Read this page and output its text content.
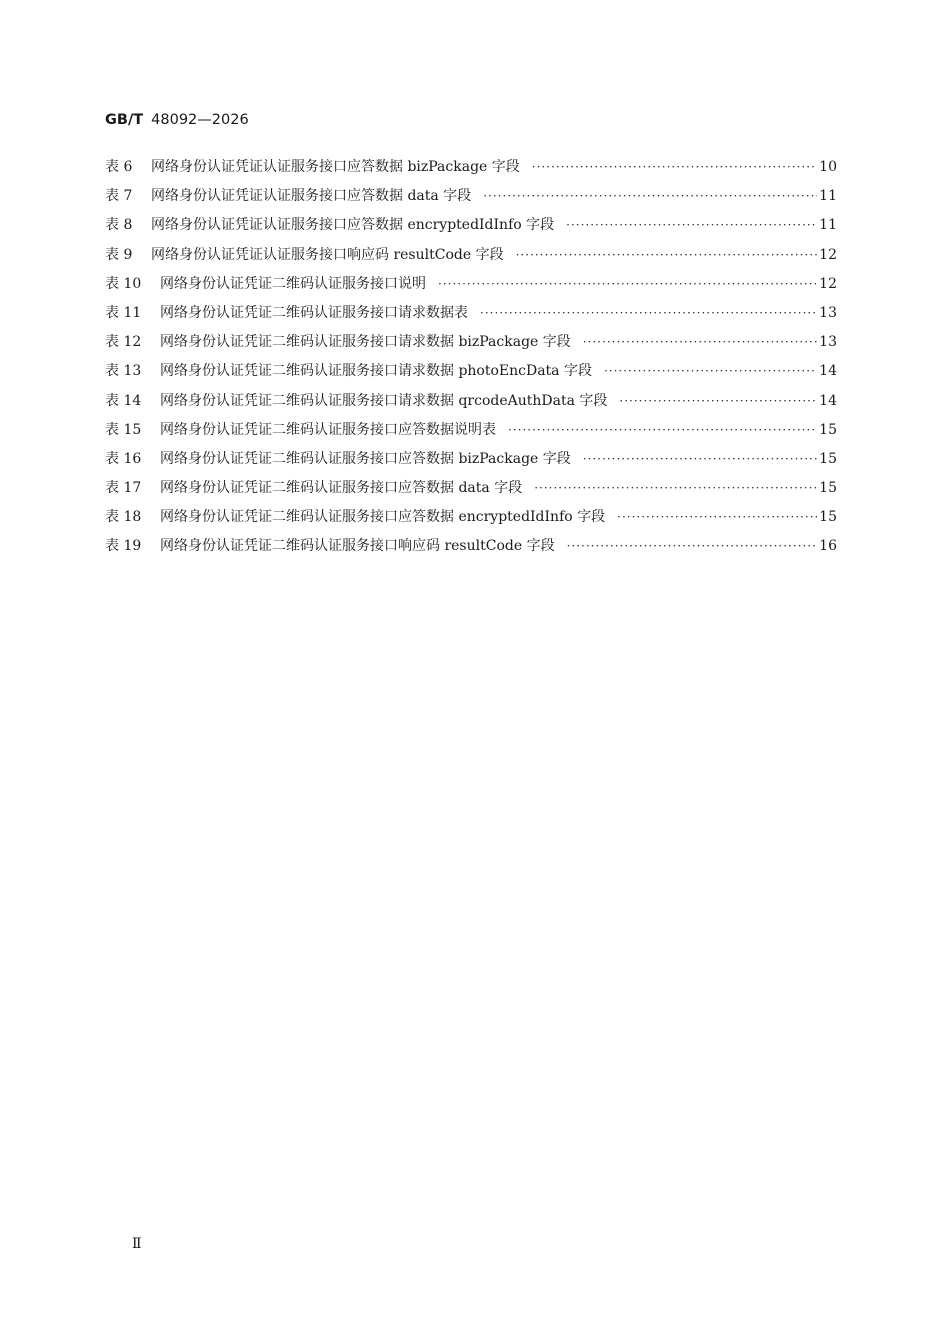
GB/T 48092—2026
表 6	网络身份认证凭证认证服务接口应答数据 bizPackage 字段 ·····	10
表 7	网络身份认证凭证认证服务接口应答数据 data 字段 ·····	11
表 8	网络身份认证凭证认证服务接口应答数据 encryptedIdInfo 字段 ·····	11
表 9	网络身份认证凭证认证服务接口响应码 resultCode 字段 ·····	12
表 10	网络身份认证凭证二维码认证服务接口说明 ·····	12
表 11	网络身份认证凭证二维码认证服务接口请求数据表 ·····	13
表 12	网络身份认证凭证二维码认证服务接口请求数据 bizPackage 字段 ·····	13
表 13	网络身份认证凭证二维码认证服务接口请求数据 photoEncData 字段 ·····	14
表 14	网络身份认证凭证二维码认证服务接口请求数据 qrcodeAuthData 字段 ·····	14
表 15	网络身份认证凭证二维码认证服务接口应答数据说明表 ·····	15
表 16	网络身份认证凭证二维码认证服务接口应答数据 bizPackage 字段 ·····	15
表 17	网络身份认证凭证二维码认证服务接口应答数据 data 字段 ·····	15
表 18	网络身份认证凭证二维码认证服务接口应答数据 encryptedIdInfo 字段 ·····	15
表 19	网络身份认证凭证二维码认证服务接口响应码 resultCode 字段 ·····	16
Ⅱ
